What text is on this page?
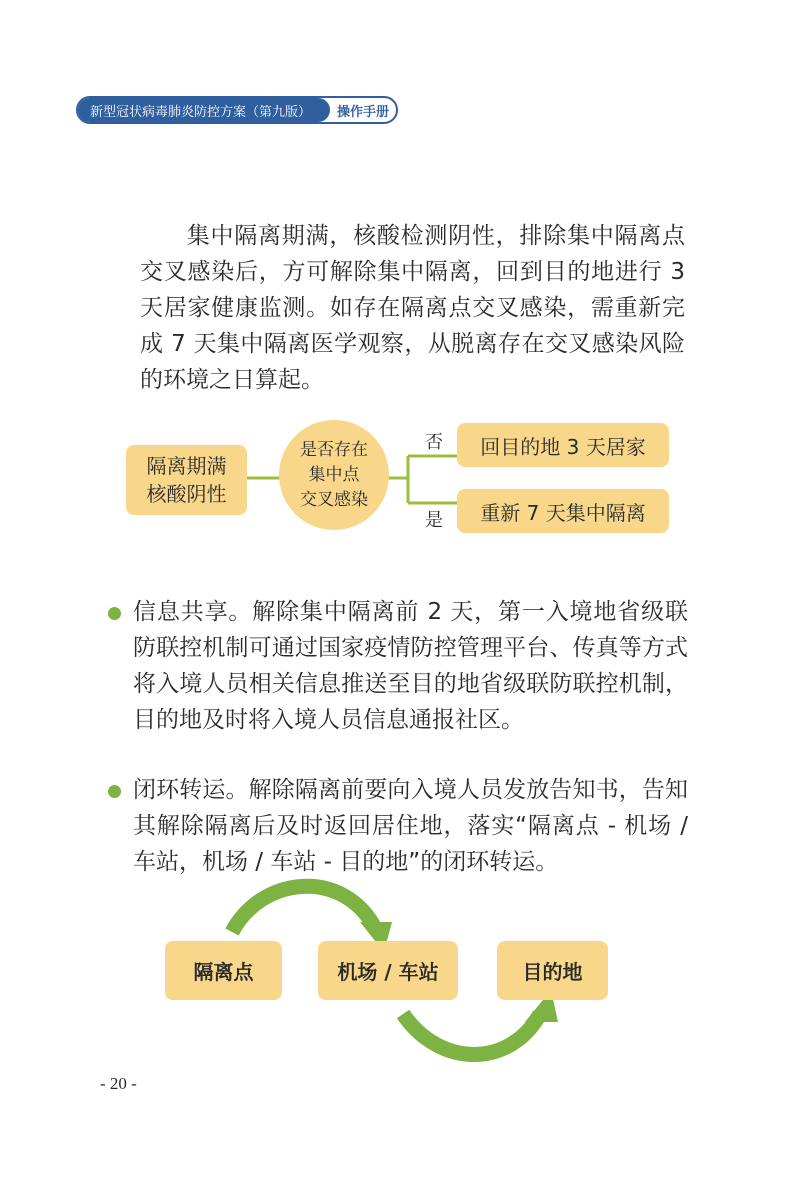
新型冠状病毒肺炎防控方案（第九版）	操作手册

集中隔离期满，核酸检测阴性，排除集中隔离点交叉感染后，方可解除集中隔离，回到目的地进行 3 天居家健康监测。如存在隔离点交叉感染，需重新完成 7 天集中隔离医学观察，从脱离存在交叉感染风险的环境之日算起。

隔离期满
核酸阴性
是否存在
集中点
交叉感染
否
是
回目的地 3 天居家
重新 7 天集中隔离

信息共享。解除集中隔离前 2 天，第一入境地省级联防联控机制可通过国家疫情防控管理平台、传真等方式将入境人员相关信息推送至目的地省级联防联控机制，目的地及时将入境人员信息通报社区。

闭环转运。解除隔离前要向入境人员发放告知书，告知其解除隔离后及时返回居住地，落实“隔离点 - 机场 / 车站，机场 / 车站 - 目的地”的闭环转运。

隔离点	机场 / 车站	目的地
- 20 -
